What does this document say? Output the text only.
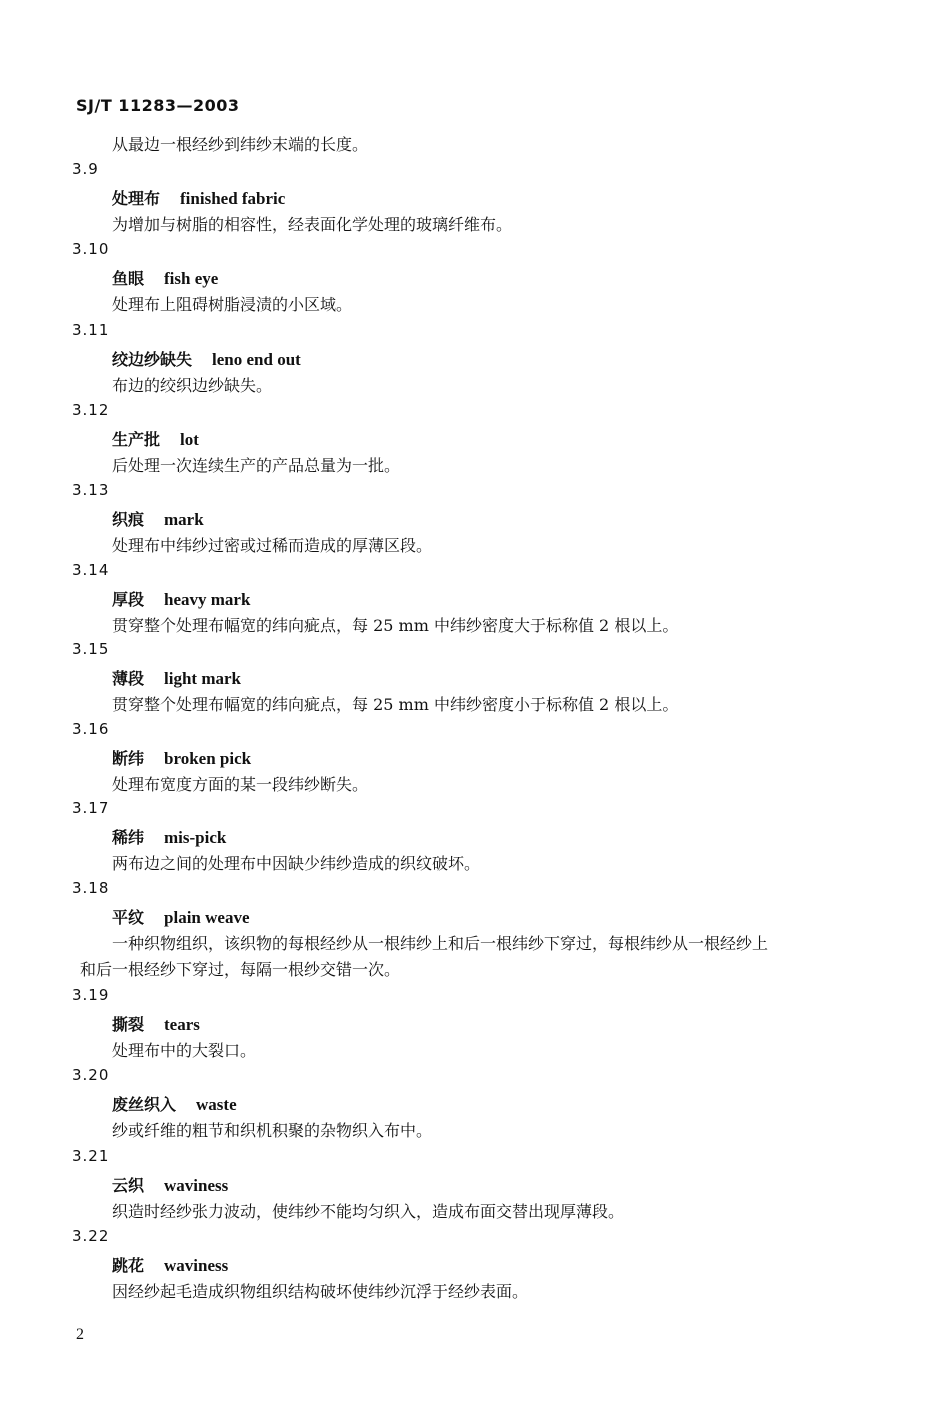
SJ/T 11283—2003
从最边一根经纱到纬纱末端的长度。
3.9
处理布 finished fabric
为增加与树脂的相容性，经表面化学处理的玻璃纤维布。
3.10
鱼眼 fish eye
处理布上阻碍树脂浸渍的小区域。
3.11
绞边纱缺失 leno end out
布边的绞织边纱缺失。
3.12
生产批 lot
后处理一次连续生产的产品总量为一批。
3.13
织痕 mark
处理布中纬纱过密或过稀而造成的厚薄区段。
3.14
厚段 heavy mark
贯穿整个处理布幅宽的纬向疵点，每 25 mm 中纬纱密度大于标称值 2 根以上。
3.15
薄段 light mark
贯穿整个处理布幅宽的纬向疵点，每 25 mm 中纬纱密度小于标称值 2 根以上。
3.16
断纬 broken pick
处理布宽度方面的某一段纬纱断失。
3.17
稀纬 mis-pick
两布边之间的处理布中因缺少纬纱造成的织纹破坏。
3.18
平纹 plain weave
一种织物组织，该织物的每根经纱从一根纬纱上和后一根纬纱下穿过，每根纬纱从一根经纱上
和后一根经纱下穿过，每隔一根纱交错一次。
3.19
撕裂 tears
处理布中的大裂口。
3.20
废丝织入 waste
纱或纤维的粗节和织机积聚的杂物织入布中。
3.21
云织 waviness
织造时经纱张力波动，使纬纱不能均匀织入，造成布面交替出现厚薄段。
3.22
跳花 waviness
因经纱起毛造成织物组织结构破坏使纬纱沉浮于经纱表面。
2
